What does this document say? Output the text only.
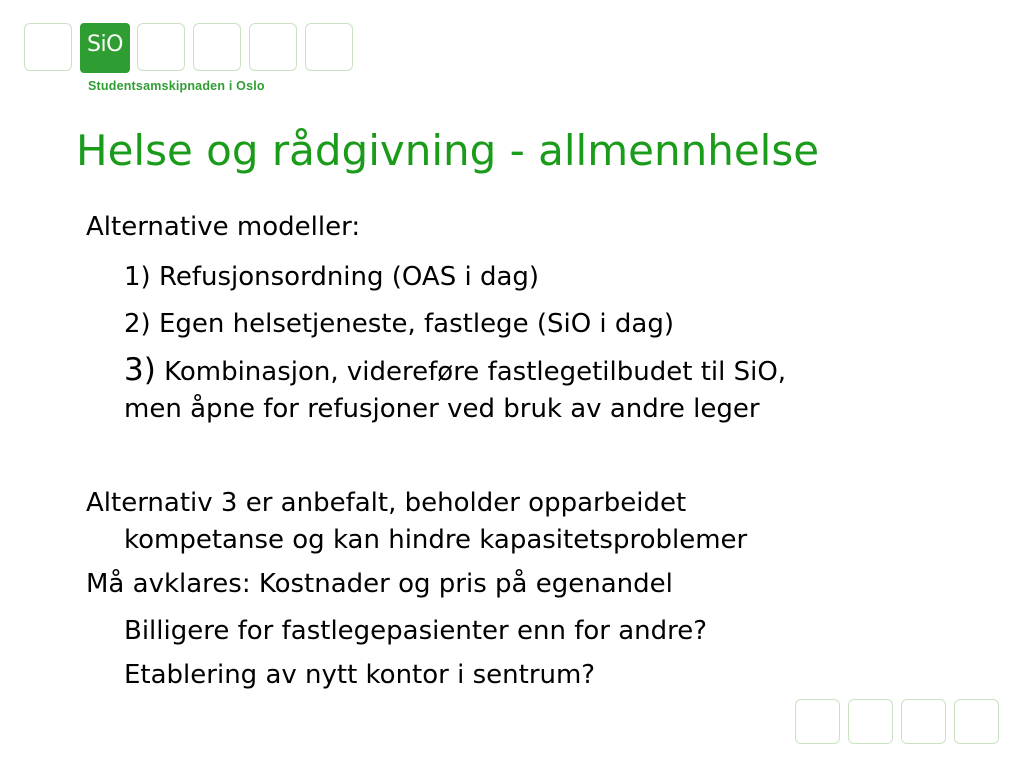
SiO
Studentsamskipnaden i Oslo
Helse og rådgivning - allmennhelse
Alternative modeller:
1) Refusjonsordning (OAS i dag)
2) Egen helsetjeneste, fastlege (SiO i dag)
3) Kombinasjon, videreføre fastlegetilbudet til SiO,
men åpne for refusjoner ved bruk av andre leger
Alternativ 3 er anbefalt, beholder opparbeidet
kompetanse og kan hindre kapasitetsproblemer
Må avklares: Kostnader og pris på egenandel
Billigere for fastlegepasienter enn for andre?
Etablering av nytt kontor i sentrum?
